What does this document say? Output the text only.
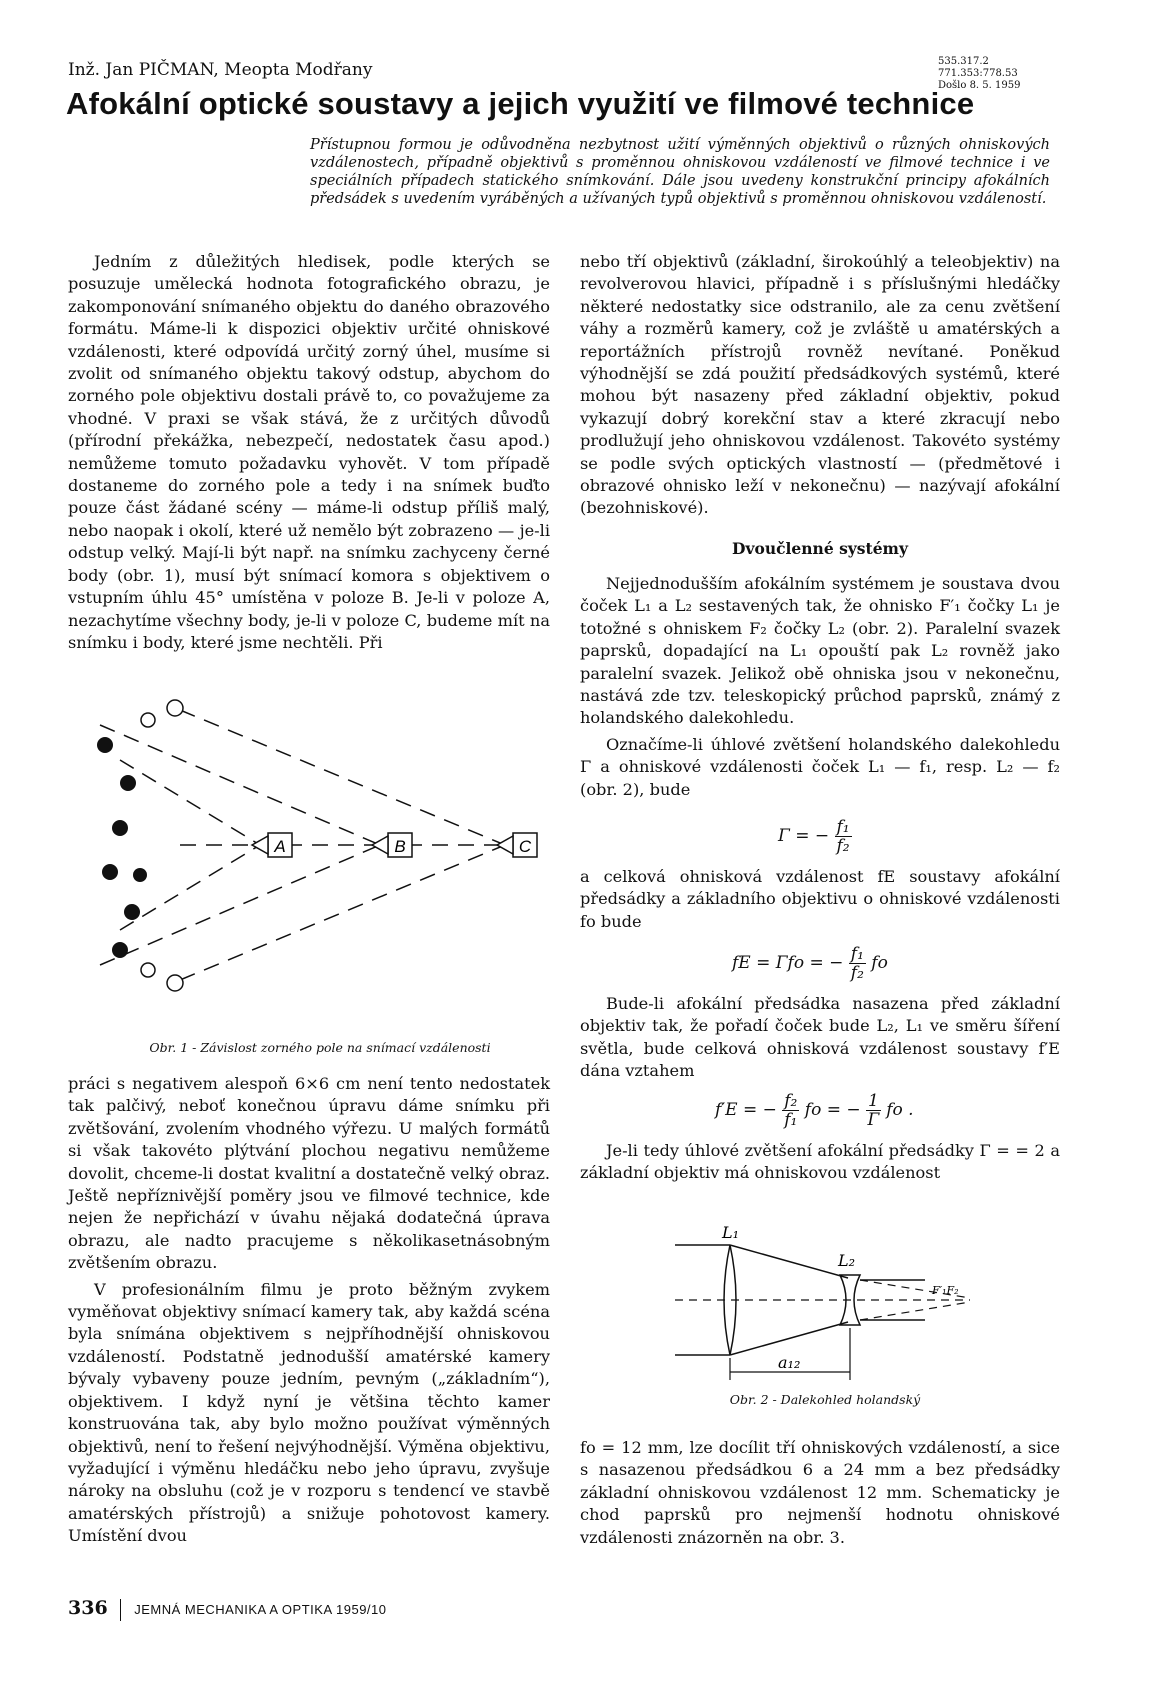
Inž. Jan PIČMAN, Meopta Modřany	535.317.2
771.353:778.53
Došlo 8. 5. 1959
Afokální optické soustavy a jejich využití ve filmové technice
Přístupnou formou je odůvodněna nezbytnost užití výměnných objektivů o různých ohniskových vzdálenostech, případně objektivů s proměnnou ohniskovou vzdáleností ve filmové technice i ve speciálních případech statického snímkování. Dále jsou uvedeny konstrukční principy afokálních předsádek s uvedením vyráběných a užívaných typů objektivů s proměnnou ohniskovou vzdáleností.

Jedním z důležitých hledisek, podle kterých se posuzuje umělecká hodnota fotografického obrazu, je zakomponování snímaného objektu do daného obrazového formátu. Máme-li k dispozici objektiv určité ohniskové vzdálenosti, které odpovídá určitý zorný úhel, musíme si zvolit od snímaného objektu takový odstup, abychom do zorného pole objektivu dostali právě to, co považujeme za vhodné. V praxi se však stává, že z určitých důvodů (přírodní překážka, nebezpečí, nedostatek času apod.) nemůžeme tomuto požadavku vyhovět. V tom případě dostaneme do zorného pole a tedy i na snímek buďto pouze část žádané scény — máme-li odstup příliš malý, nebo naopak i okolí, které už nemělo být zobrazeno — je-li odstup velký. Mají-li být např. na snímku zachyceny černé body (obr. 1), musí být snímací komora s objektivem o vstupním úhlu 45° umístěna v poloze B. Je-li v poloze A, nezachytíme všechny body, je-li v poloze C, budeme mít na snímku i body, které jsme nechtěli. Při

A	B	C
Obr. 1 - Závislost zorného pole na snímací vzdálenosti

práci s negativem alespoň 6×6 cm není tento nedostatek tak palčivý, neboť konečnou úpravu dáme snímku při zvětšování, zvolením vhodného výřezu. U malých formátů si však takovéto plýtvání plochou negativu nemůžeme dovolit, chceme-li dostat kvalitní a dostatečně velký obraz. Ještě nepříznivější poměry jsou ve filmové technice, kde nejen že nepřichází v úvahu nějaká dodatečná úprava obrazu, ale nadto pracujeme s několikasetnásobným zvětšením obrazu.

V profesionálním filmu je proto běžným zvykem vyměňovat objektivy snímací kamery tak, aby každá scéna byla snímána objektivem s nejpříhodnější ohniskovou vzdáleností. Podstatně jednodušší amatérské kamery bývaly vybaveny pouze jedním, pevným („základním“), objektivem. I když nyní je většina těchto kamer konstruována tak, aby bylo možno používat výměnných objektivů, není to řešení nejvýhodnější. Výměna objektivu, vyžadující i výměnu hledáčku nebo jeho úpravu, zvyšuje nároky na obsluhu (což je v rozporu s tendencí ve stavbě amatérských přístrojů) a snižuje pohotovost kamery. Umístění dvou

nebo tří objektivů (základní, širokoúhlý a teleobjektiv) na revolverovou hlavici, případně i s příslušnými hledáčky některé nedostatky sice odstranilo, ale za cenu zvětšení váhy a rozměrů kamery, což je zvláště u amatérských a reportážních přístrojů rovněž nevítané. Poněkud výhodnější se zdá použití předsádkových systémů, které mohou být nasazeny před základní objektiv, pokud vykazují dobrý korekční stav a které zkracují nebo prodlužují jeho ohniskovou vzdálenost. Takovéto systémy se podle svých optických vlastností — (předmětové i obrazové ohnisko leží v nekonečnu) — nazývají afokální (bezohniskové).

Dvoučlenné systémy

Nejjednodušším afokálním systémem je soustava dvou čoček L₁ a L₂ sestavených tak, že ohnisko F′₁ čočky L₁ je totožné s ohniskem F₂ čočky L₂ (obr. 2). Paralelní svazek paprsků, dopadající na L₁ opouští pak L₂ rovněž jako paralelní svazek. Jelikož obě ohniska jsou v nekonečnu, nastává zde tzv. teleskopický průchod paprsků, známý z holandského dalekohledu.

Označíme-li úhlové zvětšení holandského dalekohledu Γ a ohniskové vzdálenosti čoček L₁ — f₁, resp. L₂ — f₂ (obr. 2), bude

Γ = − $\frac{\text{f₁}}{\text{f₂}}$

a celková ohnisková vzdálenost fE soustavy afokální předsádky a základního objektivu o ohniskové vzdálenosti fo bude

fE = Γfo = − $\frac{\text{f₁}}{\text{f₂}}$ fo

Bude-li afokální předsádka nasazena před základní objektiv tak, že pořadí čoček bude L₂, L₁ ve směru šíření světla, bude celková ohnisková vzdálenost soustavy f′E dána vztahem

f′E = − $\frac{\text{f₂}}{\text{f₁}}$ fo = − $\frac{1}{\Gamma}$ fo .

Je-li tedy úhlové zvětšení afokální předsádky Γ = = 2 a základní objektiv má ohniskovou vzdálenost

L₁
L₂
a₁₂
F′₁F₂
Obr. 2 - Dalekohled holandský

fo = 12 mm, lze docílit tří ohniskových vzdáleností, a sice s nasazenou předsádkou 6 a 24 mm a bez předsádky základní ohniskovou vzdálenost 12 mm. Schematicky je chod paprsků pro nejmenší hodnotu ohniskové vzdálenosti znázorněn na obr. 3.

336 JEMNÁ MECHANIKA A OPTIKA 1959/10
